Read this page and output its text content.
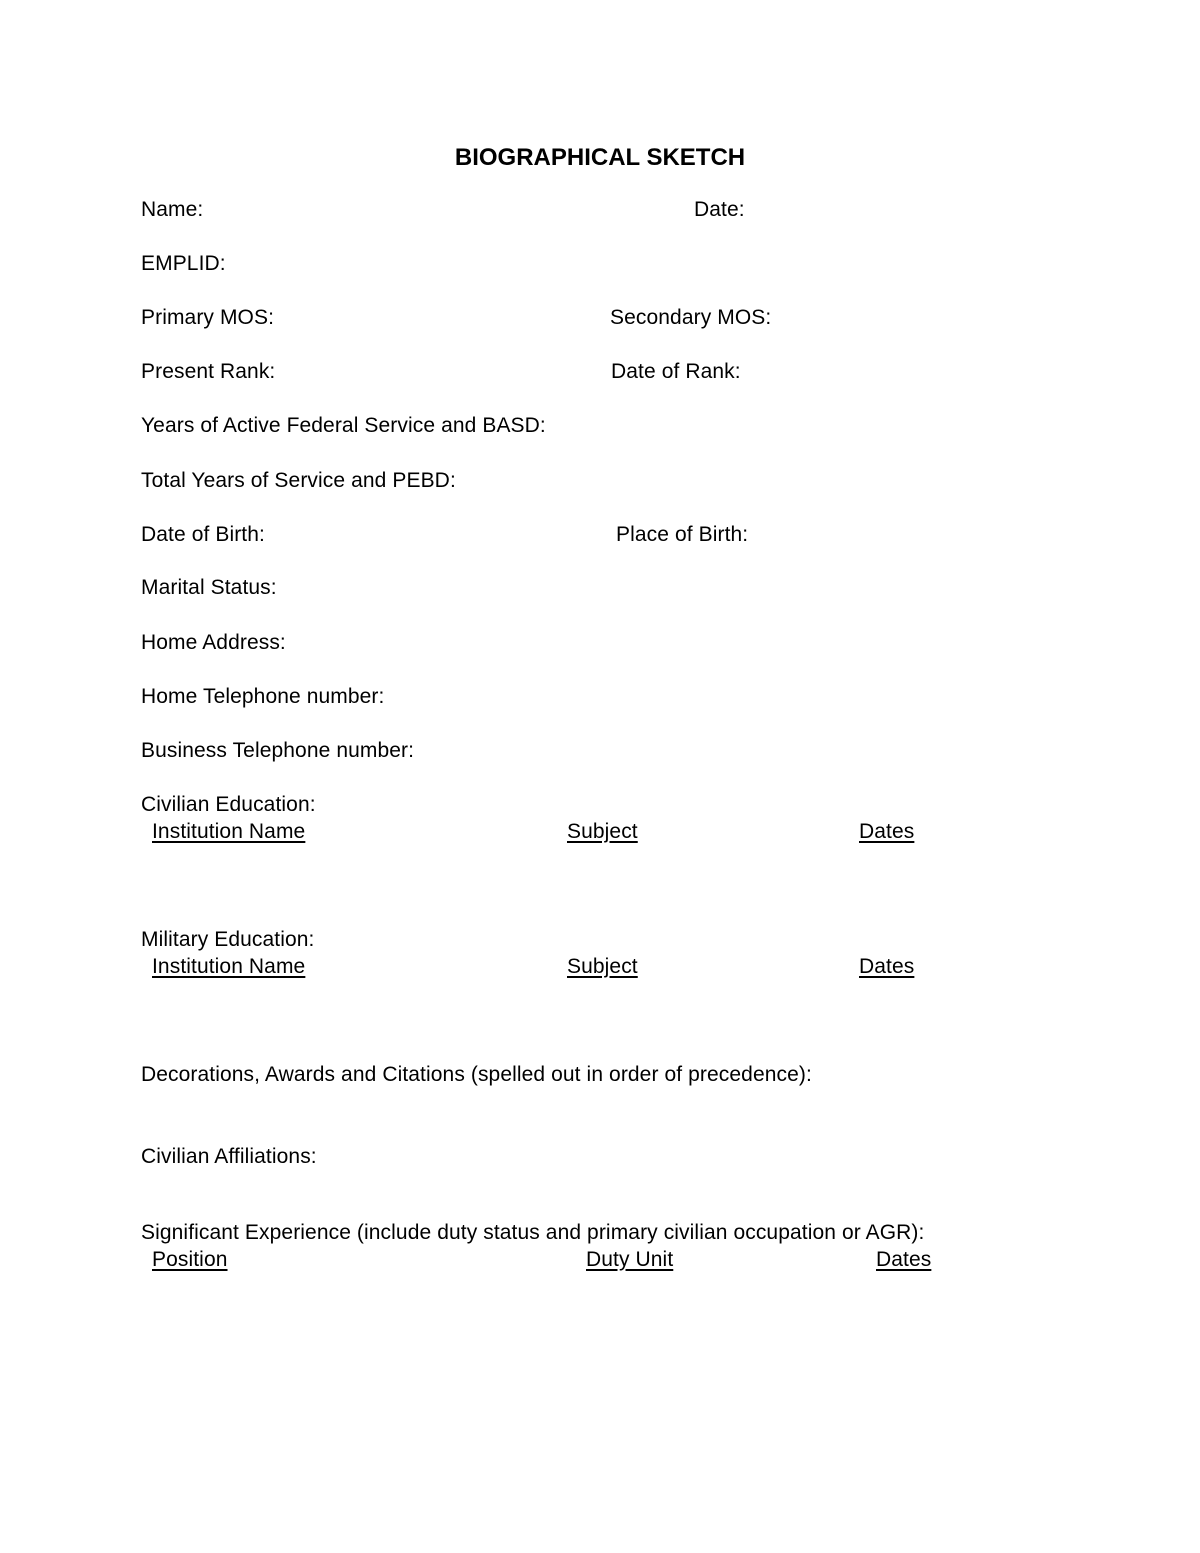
BIOGRAPHICAL SKETCH
Name:	Date:
EMPLID:
Primary MOS:	Secondary MOS:
Present Rank:	Date of Rank:
Years of Active Federal Service and BASD:
Total Years of Service and PEBD:
Date of Birth:	Place of Birth:
Marital Status:
Home Address:
Home Telephone number:
Business Telephone number:
Civilian Education:
Institution Name	Subject	Dates
Military Education:
Institution Name	Subject	Dates
Decorations, Awards and Citations (spelled out in order of precedence):
Civilian Affiliations:
Significant Experience (include duty status and primary civilian occupation or AGR):
Position	Duty Unit	Dates
